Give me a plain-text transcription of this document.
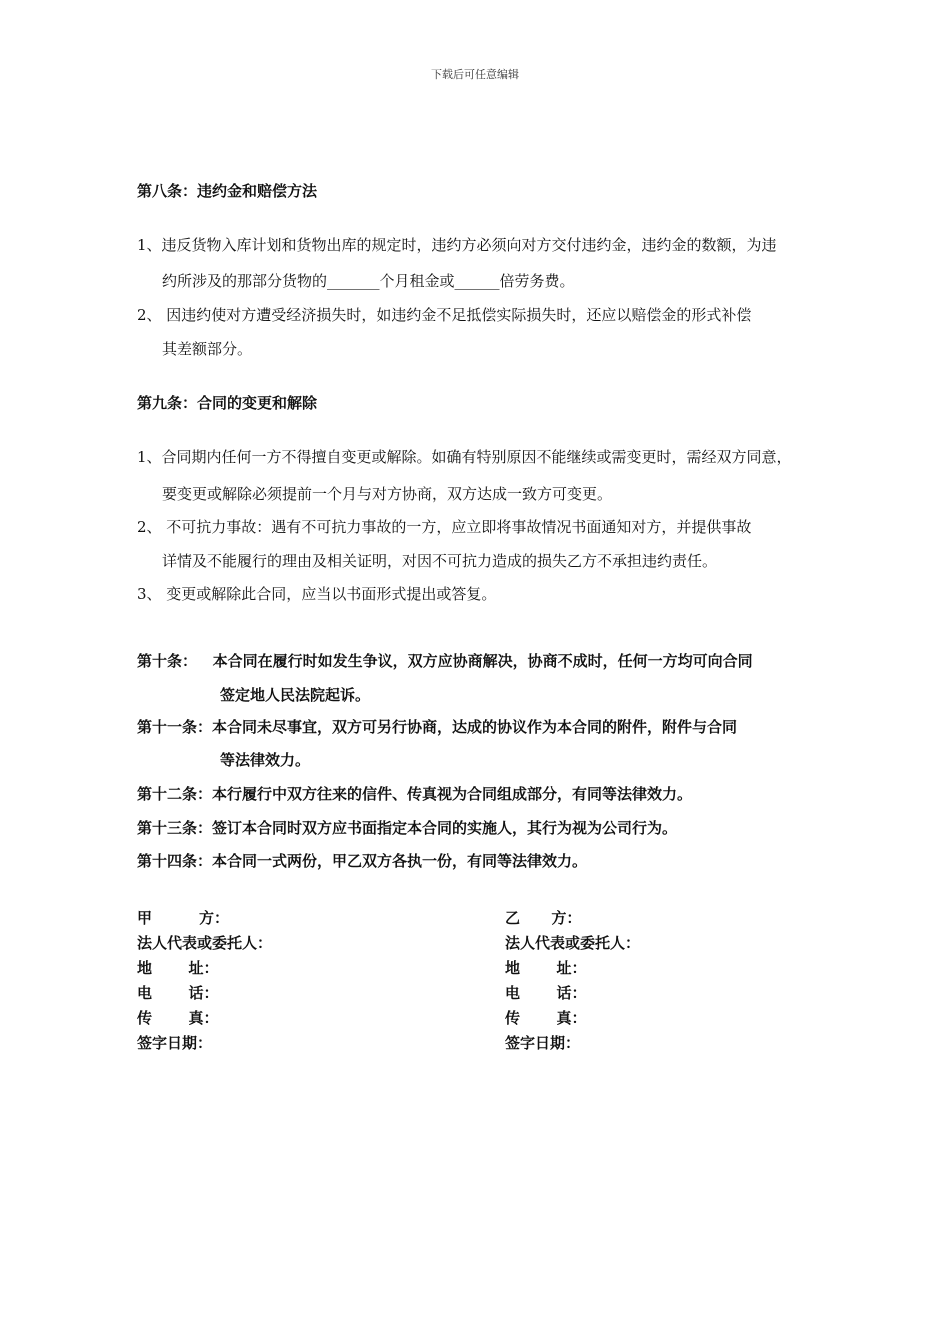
下载后可任意编辑
第八条：违约金和赔偿方法
1、违反货物入库计划和货物出库的规定时，违约方必须向对方交付违约金，违约金的数额，为违
约所涉及的那部分货物的_______个月租金或______倍劳务费。
2、 因违约使对方遭受经济损失时，如违约金不足抵偿实际损失时，还应以赔偿金的形式补偿
其差额部分。
第九条：合同的变更和解除
1、合同期内任何一方不得擅自变更或解除。如确有特别原因不能继续或需变更时，需经双方同意，
要变更或解除必须提前一个月与对方协商，双方达成一致方可变更。
2、 不可抗力事故：遇有不可抗力事故的一方，应立即将事故情况书面通知对方，并提供事故
详情及不能履行的理由及相关证明，对因不可抗力造成的损失乙方不承担违约责任。
3、 变更或解除此合同，应当以书面形式提出或答复。
第十条：   本合同在履行时如发生争议，双方应协商解决，协商不成时，任何一方均可向合同
签定地人民法院起诉。
第十一条：本合同未尽事宜，双方可另行协商，达成的协议作为本合同的附件，附件与合同
等法律效力。
第十二条：本行履行中双方往来的信件、传真视为合同组成部分，有同等法律效力。
第十三条：签订本合同时双方应书面指定本合同的实施人，其行为视为公司行为。
第十四条：本合同一式两份，甲乙双方各执一份，有同等法律效力。
甲         方：
法人代表或委托人：
地       址：
电       话：
传       真：
签字日期：
乙      方：
法人代表或委托人：
地       址：
电       话：
传       真：
签字日期：
